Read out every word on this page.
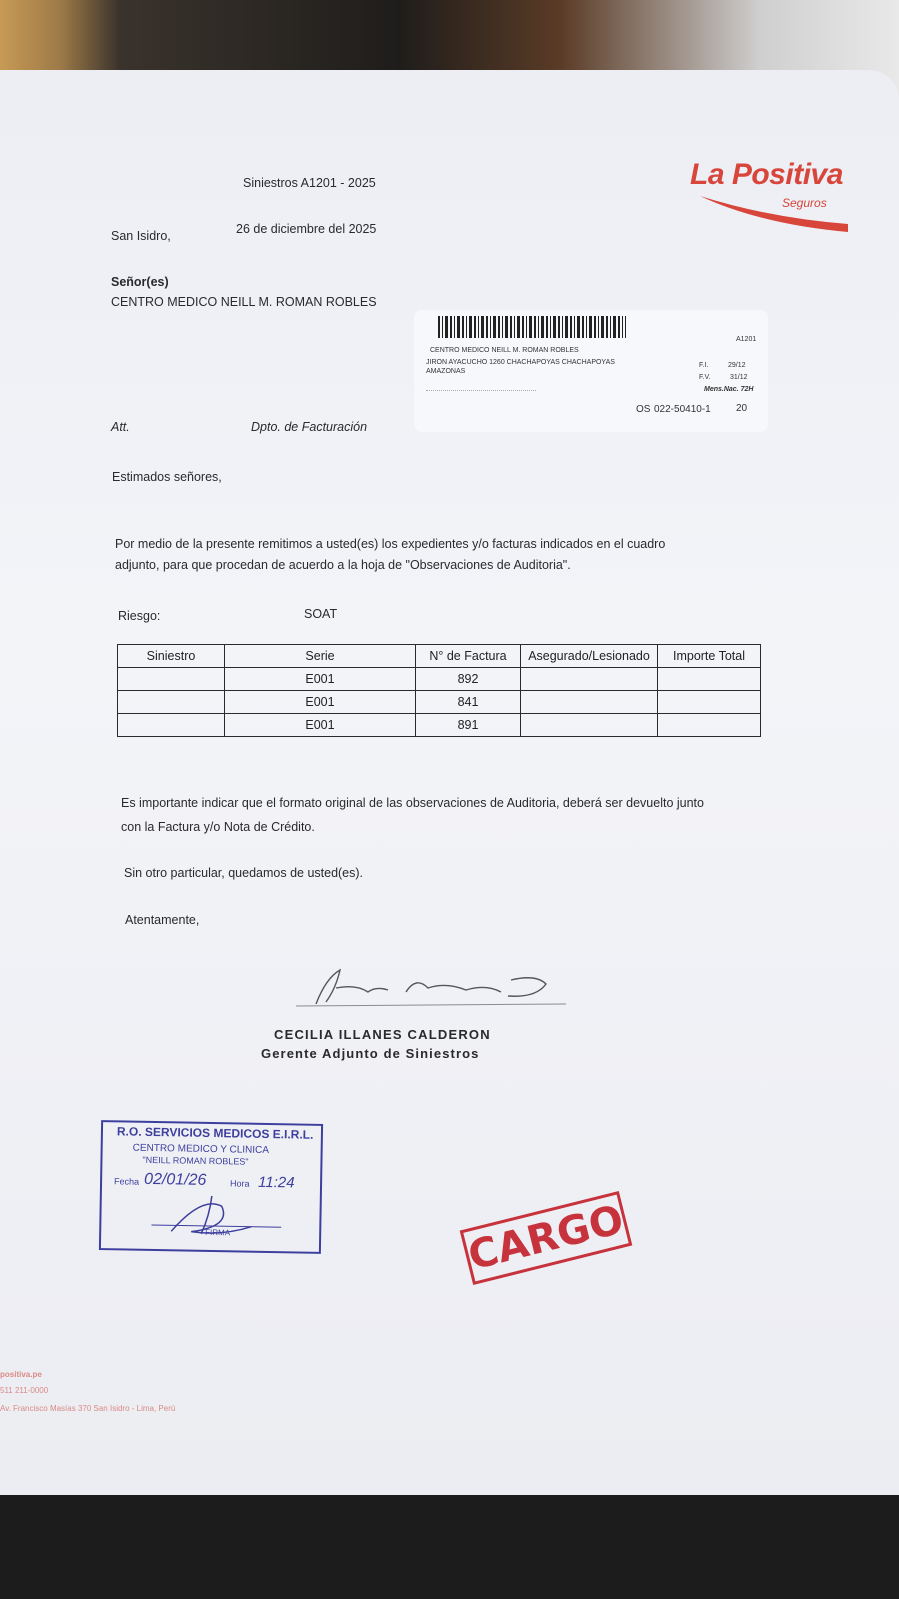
La Positiva
Seguros
Siniestros A1201 - 2025
San Isidro,	26 de diciembre del 2025
Señor(es)
CENTRO MEDICO NEILL M. ROMAN ROBLES
A1201
CENTRO MEDICO NEILL M. ROMAN ROBLES
JIRON AYACUCHO 1260 CHACHAPOYAS CHACHAPOYAS
AMAZONAS
F.I.	29/12
F.V.	31/12
Mens.Nac. 72H
OS 022-50410-1	20
Att.	Dpto. de Facturación
Estimados señores,
Por medio de la presente remitimos a usted(es) los expedientes y/o facturas indicados en el cuadro
adjunto, para que procedan de acuerdo a la hoja de "Observaciones de Auditoria".
Riesgo:	SOAT
Siniestro	Serie	N° de Factura	Asegurado/Lesionado	Importe Total
	E001	892		
	E001	841		
	E001	891		
Es importante indicar que el formato original de las observaciones de Auditoria, deberá ser devuelto junto
con la Factura y/o Nota de Crédito.
Sin otro particular, quedamos de usted(es).
Atentamente,
CECILIA ILLANES CALDERON
Gerente Adjunto de Siniestros
R.O. SERVICIOS MEDICOS E.I.R.L.
CENTRO MEDICO Y CLINICA
"NEILL ROMAN ROBLES"
Fecha 02/01/26	Hora 11:24
FIRMA	CARGO
positiva.pe
511 211-0000
Av. Francisco Masías 370 San Isidro - Lima, Perú
